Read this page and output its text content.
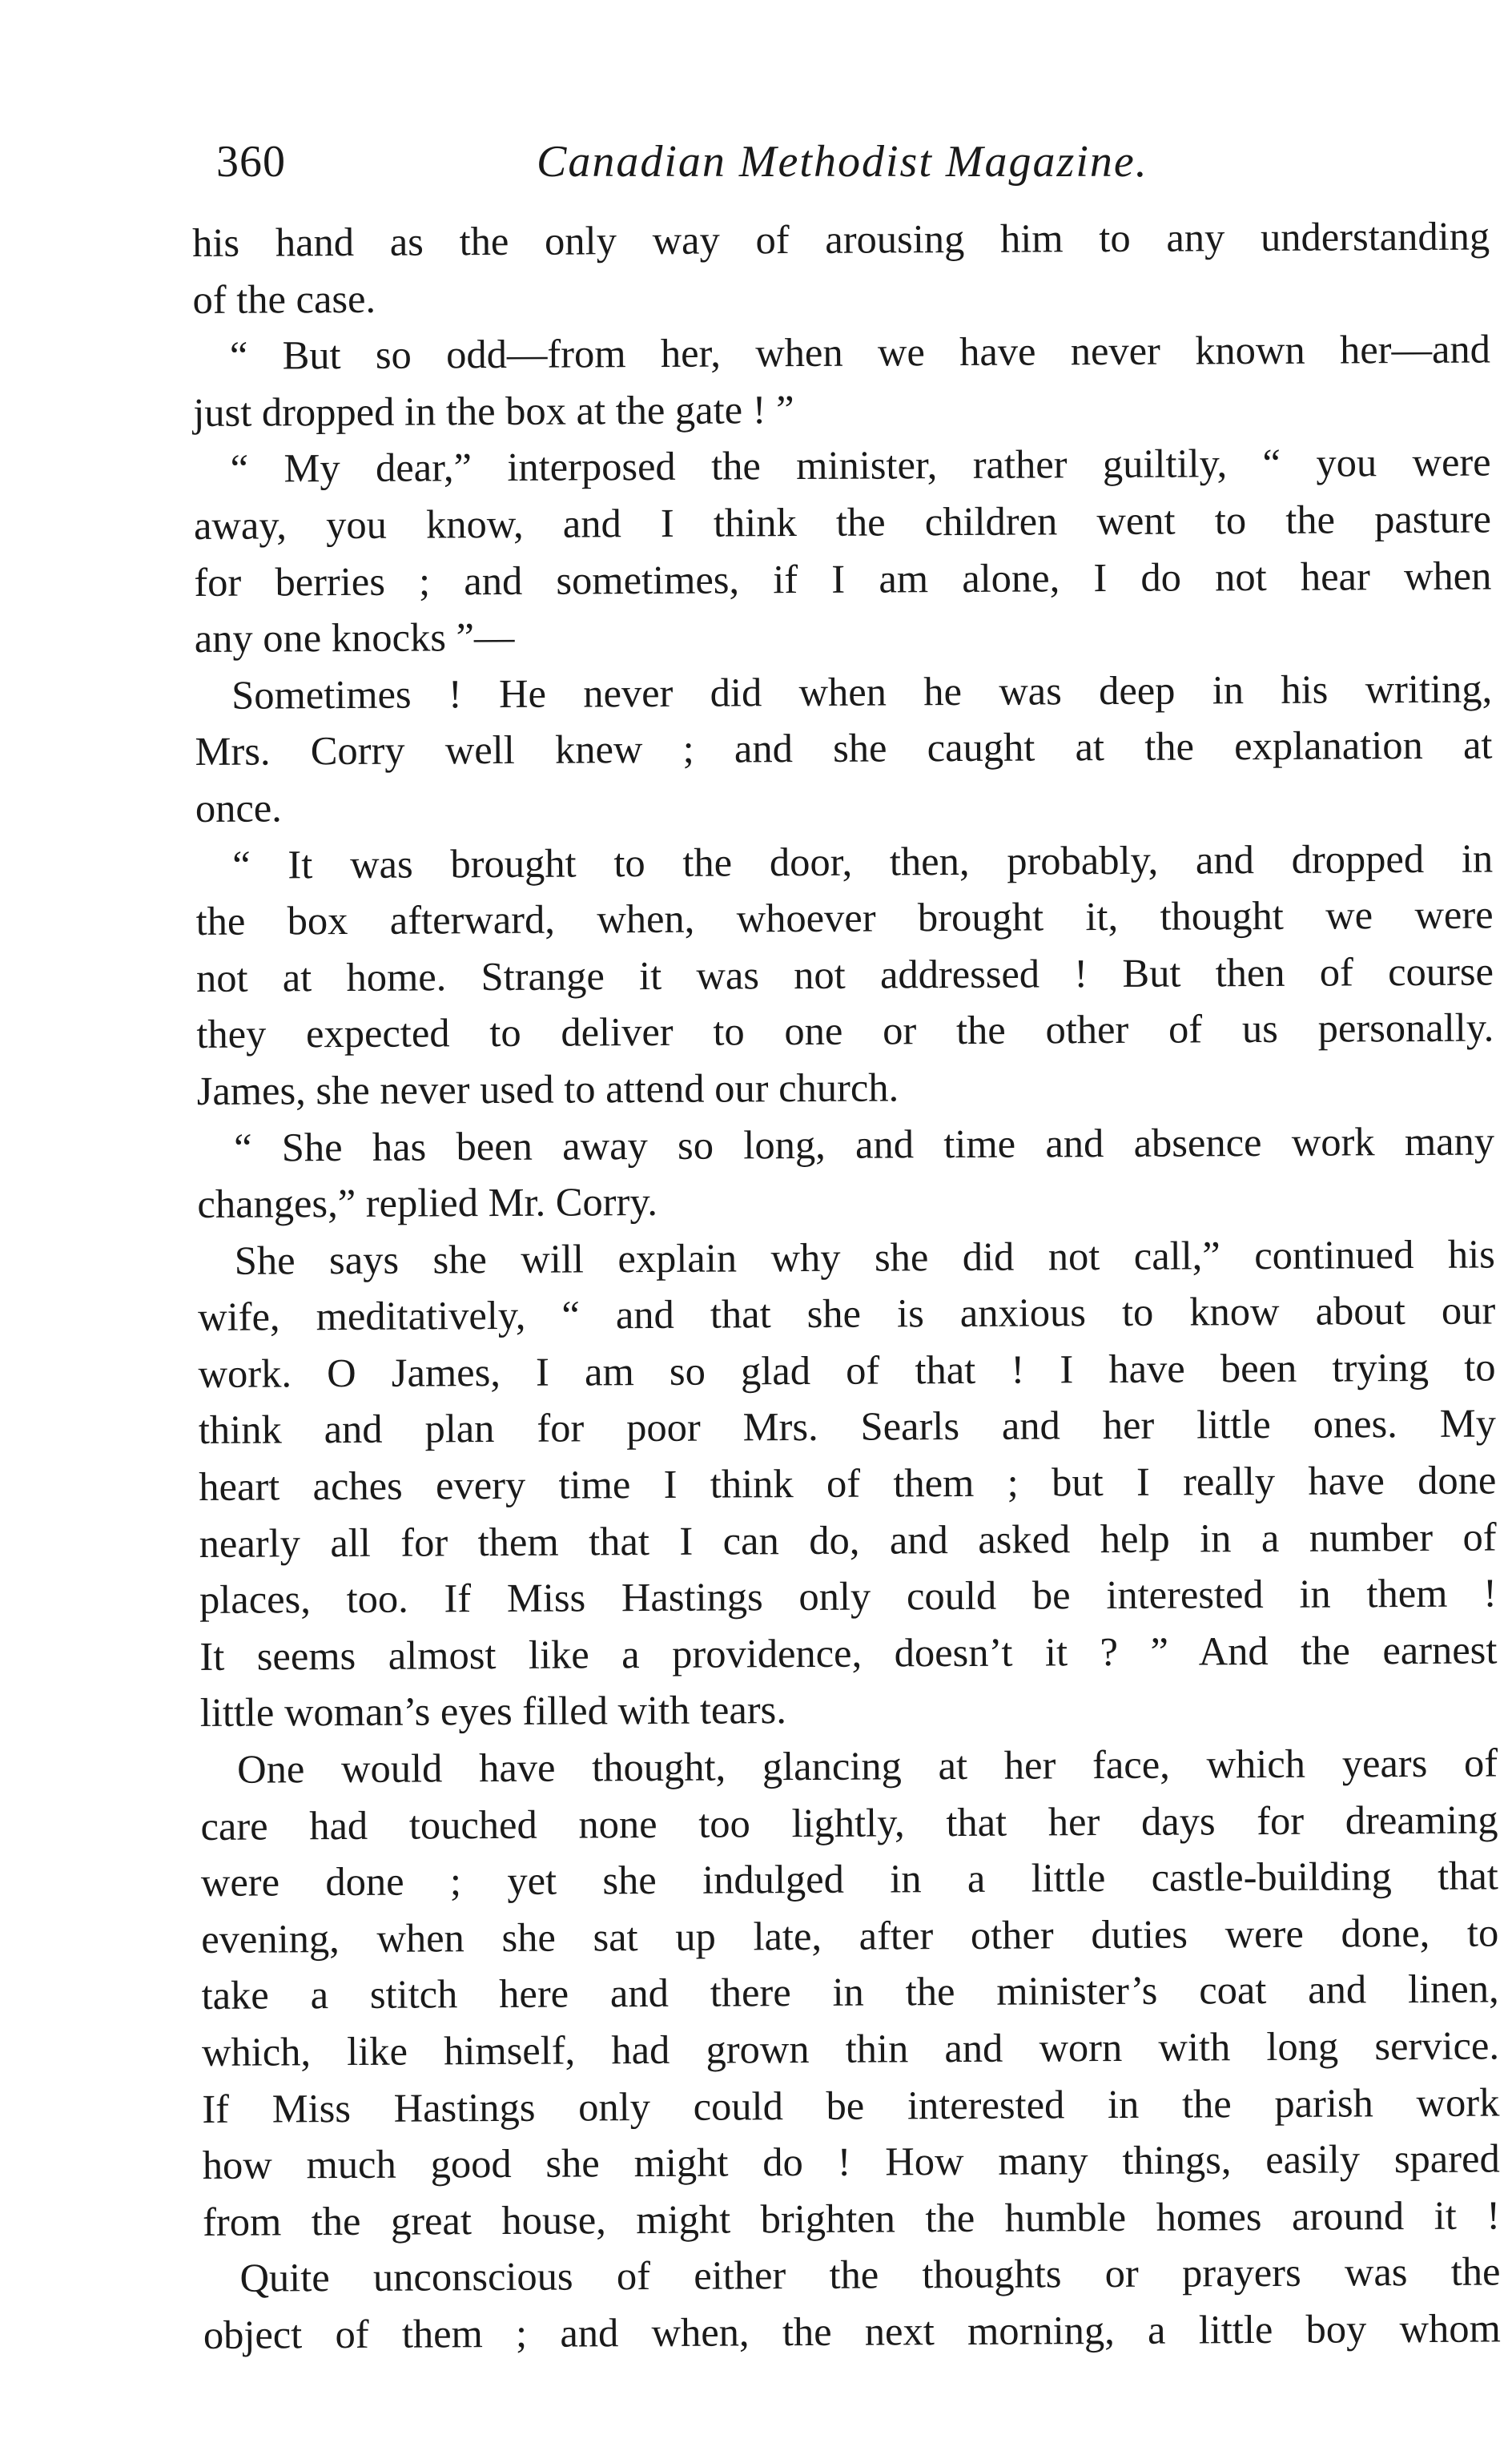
360	Canadian Methodist Magazine.
his hand as the only way of arousing him to any understanding
of the case.
“ But so odd—from her, when we have never known her—and
just dropped in the box at the gate ! ”
“ My dear,” interposed the minister, rather guiltily, “ you were
away, you know, and I think the children went to the pasture
for berries ; and sometimes, if I am alone, I do not hear when
any one knocks ”—
Sometimes ! He never did when he was deep in his writing,
Mrs. Corry well knew ; and she caught at the explanation at
once.
“ It was brought to the door, then, probably, and dropped in
the box afterward, when, whoever brought it, thought we were
not at home. Strange it was not addressed ! But then of course
they expected to deliver to one or the other of us personally.
James, she never used to attend our church.
“ She has been away so long, and time and absence work many
changes,” replied Mr. Corry.
She says she will explain why she did not call,” continued his
wife, meditatively, “ and that she is anxious to know about our
work. O James, I am so glad of that ! I have been trying to
think and plan for poor Mrs. Searls and her little ones. My
heart aches every time I think of them ; but I really have done
nearly all for them that I can do, and asked help in a number of
places, too. If Miss Hastings only could be interested in them !
It seems almost like a providence, doesn’t it ? ” And the earnest
little woman’s eyes filled with tears.
One would have thought, glancing at her face, which years of
care had touched none too lightly, that her days for dreaming
were done ; yet she indulged in a little castle-building that
evening, when she sat up late, after other duties were done, to
take a stitch here and there in the minister’s coat and linen,
which, like himself, had grown thin and worn with long service.
If Miss Hastings only could be interested in the parish work
how much good she might do ! How many things, easily spared
from the great house, might brighten the humble homes around it !
Quite unconscious of either the thoughts or prayers was the
object of them ; and when, the next morning, a little boy whom
